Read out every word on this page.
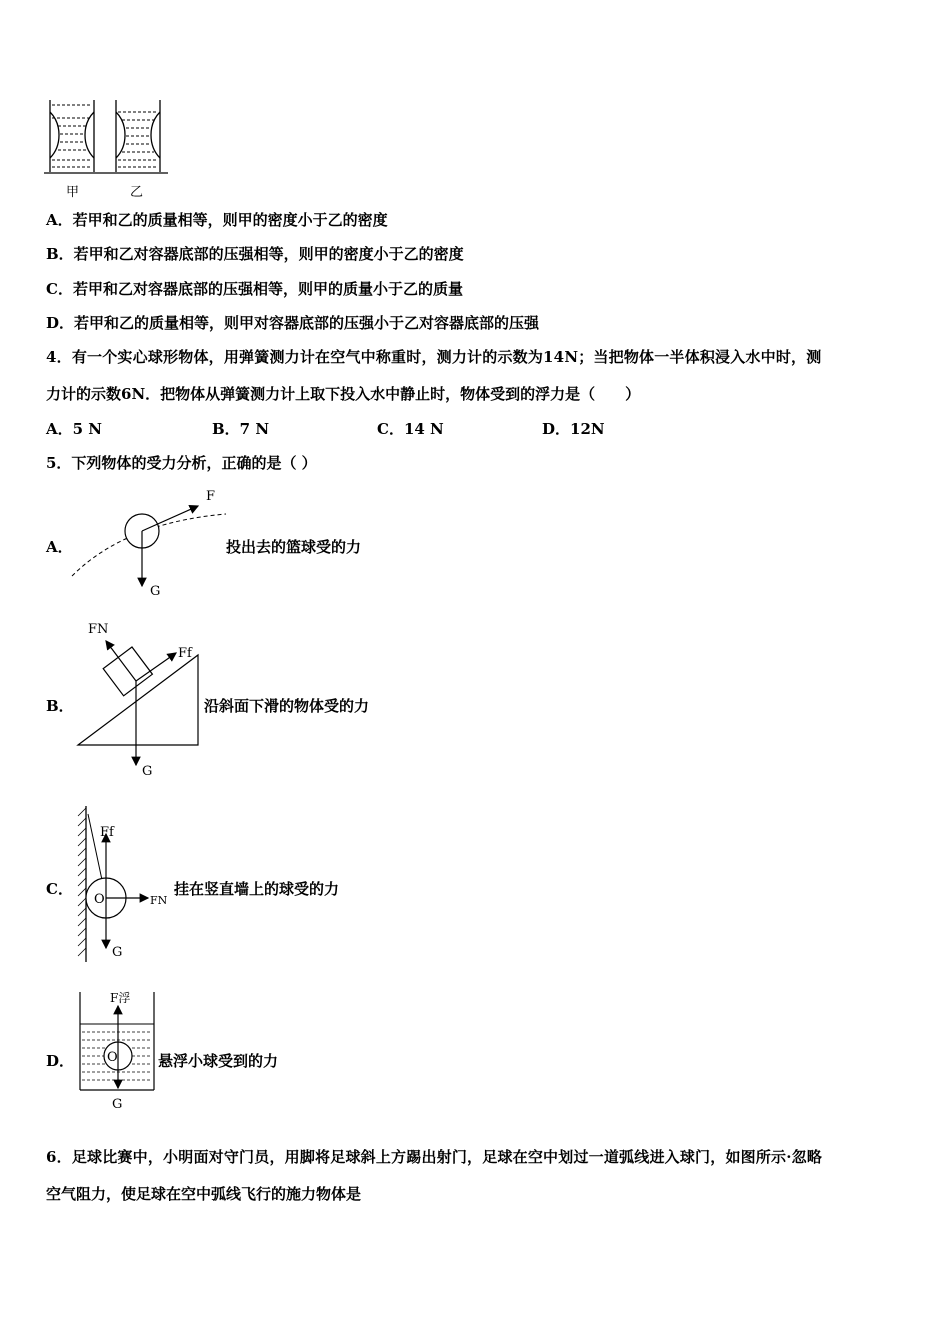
甲	乙
A．若甲和乙的质量相等，则甲的密度小于乙的密度
B．若甲和乙对容器底部的压强相等，则甲的密度小于乙的密度
C．若甲和乙对容器底部的压强相等，则甲的质量小于乙的质量
D．若甲和乙的质量相等，则甲对容器底部的压强小于乙对容器底部的压强
4．有一个实心球形物体，用弹簧测力计在空气中称重时，测力计的示数为14N；当把物体一半体积浸入水中时，测
力计的示数6N．把物体从弹簧测力计上取下投入水中静止时，物体受到的浮力是（　　）
A．5 N	B．7 N	C．14 N	D．12N
5．下列物体的受力分析，正确的是（ ）
A．
F
G
投出去的篮球受的力
B．
FN
Ff
G
沿斜面下滑的物体受的力
C．
Ff
O	FN
G
挂在竖直墙上的球受的力
D．
F浮
O
G
悬浮小球受到的力
6．足球比赛中，小明面对守门员，用脚将足球斜上方踢出射门，足球在空中划过一道弧线进入球门，如图所示·忽略
空气阻力，使足球在空中弧线飞行的施力物体是
